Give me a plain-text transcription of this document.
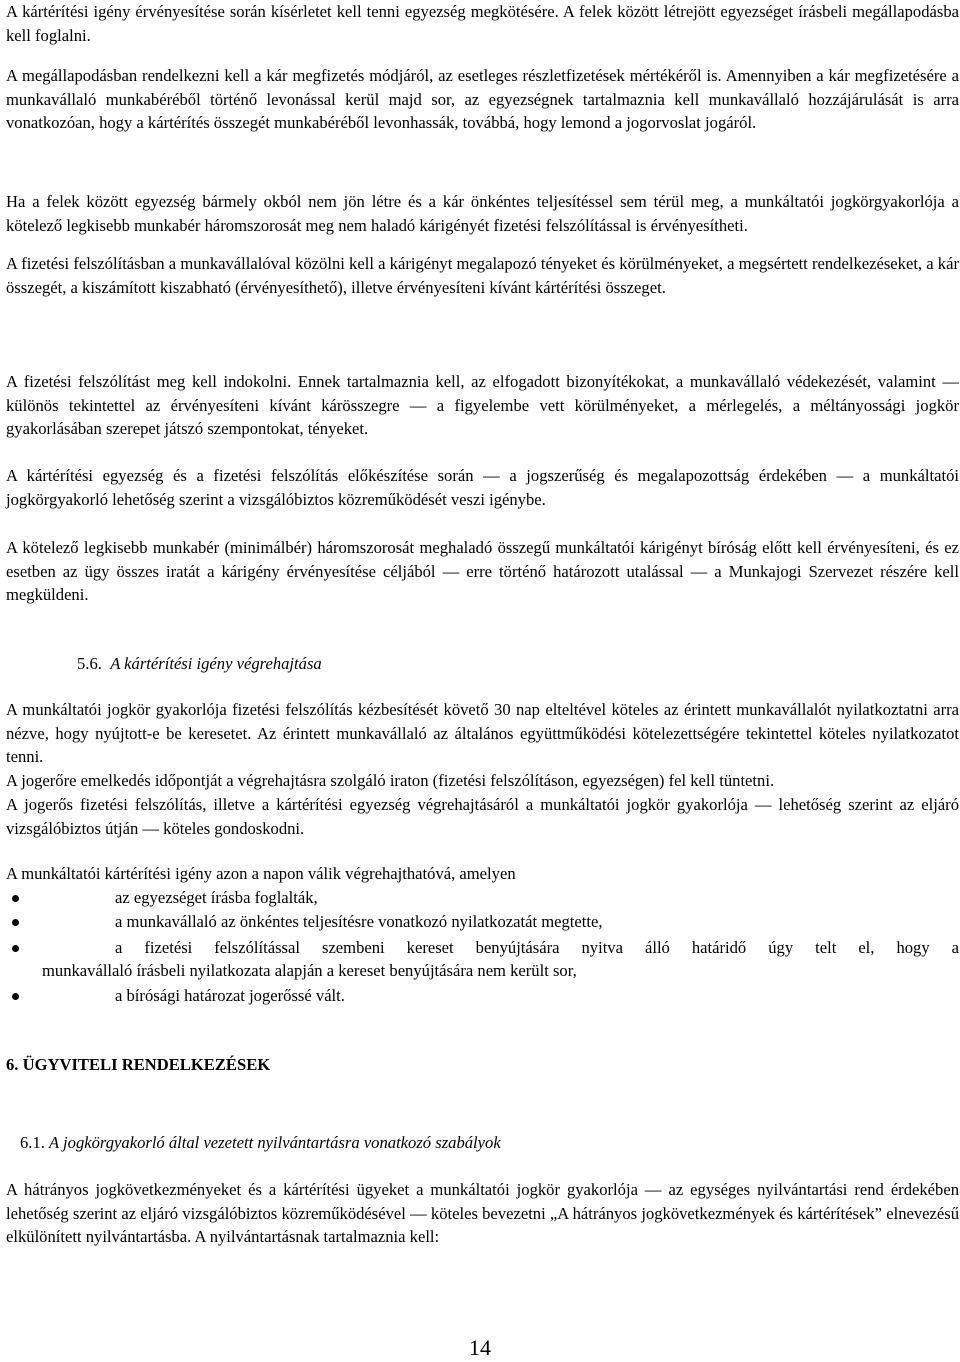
A kártérítési igény érvényesítése során kísérletet kell tenni egyezség megkötésére. A felek között létrejött egyezséget írásbeli megállapodásba kell foglalni.

A megállapodásban rendelkezni kell a kár megfizetés módjáról, az esetleges részletfizetések mértékéről is. Amennyiben a kár megfizetésére a munkavállaló munkabéréből történő levonással kerül majd sor, az egyezségnek tartalmaznia kell munkavállaló hozzájárulását is arra vonatkozóan, hogy a kártérítés összegét munkabéréből levonhassák, továbbá, hogy lemond a jogorvoslat jogáról.

Ha a felek között egyezség bármely okból nem jön létre és a kár önkéntes teljesítéssel sem térül meg, a munkáltatói jogkörgyakorlója a kötelező legkisebb munkabér háromszorosát meg nem haladó kárigényét fizetési felszólítással is érvényesítheti.

A fizetési felszólításban a munkavállalóval közölni kell a kárigényt megalapozó tényeket és körülményeket, a megsértett rendelkezéseket, a kár összegét, a kiszámított kiszabható (érvényesíthető), illetve érvényesíteni kívánt kártérítési összeget.

A fizetési felszólítást meg kell indokolni. Ennek tartalmaznia kell, az elfogadott bizonyítékokat, a munkavállaló védekezését, valamint — különös tekintettel az érvényesíteni kívánt kárösszegre — a figyelembe vett körülményeket, a mérlegelés, a méltányossági jogkör gyakorlásában szerepet játszó szempontokat, tényeket.

A kártérítési egyezség és a fizetési felszólítás előkészítése során — a jogszerűség és megalapozottság érdekében — a munkáltatói jogkörgyakorló lehetőség szerint a vizsgálóbiztos közreműködését veszi igénybe.

A kötelező legkisebb munkabér (minimálbér) háromszorosát meghaladó összegű munkáltatói kárigényt bíróság előtt kell érvényesíteni, és ez esetben az ügy összes iratát a kárigény érvényesítése céljából — erre történő határozott utalással — a Munkajogi Szervezet részére kell megküldeni.

5.6. A kártérítési igény végrehajtása

A munkáltatói jogkör gyakorlója fizetési felszólítás kézbesítését követő 30 nap elteltével köteles az érintett munkavállalót nyilatkoztatni arra nézve, hogy nyújtott-e be keresetet. Az érintett munkavállaló az általános együttműködési kötelezettségére tekintettel köteles nyilatkozatot tenni.

A jogerőre emelkedés időpontját a végrehajtásra szolgáló iraton (fizetési felszólításon, egyezségen) fel kell tüntetni.

A jogerős fizetési felszólítás, illetve a kártérítési egyezség végrehajtásáról a munkáltatói jogkör gyakorlója — lehetőség szerint az eljáró vizsgálóbiztos útján — köteles gondoskodni.

A munkáltatói kártérítési igény azon a napon válik végrehajthatóvá, amelyen

az egyezséget írásba foglalták,

a munkavállaló az önkéntes teljesítésre vonatkozó nyilatkozatát megtette,

a fizetési felszólítással szembeni kereset benyújtására nyitva álló határidő úgy telt el, hogy a

munkavállaló írásbeli nyilatkozata alapján a kereset benyújtására nem került sor,

a bírósági határozat jogerőssé vált.

6. ÜGYVITELI RENDELKEZÉSEK
6.1. A jogkörgyakorló által vezetett nyilvántartásra vonatkozó szabályok

A hátrányos jogkövetkezményeket és a kártérítési ügyeket a munkáltatói jogkör gyakorlója — az egységes nyilvántartási rend érdekében lehetőség szerint az eljáró vizsgálóbiztos közreműködésével — köteles bevezetni „A hátrányos jogkövetkezmények és kártérítések” elnevezésű elkülönített nyilvántartásba. A nyilvántartásnak tartalmaznia kell:

14
